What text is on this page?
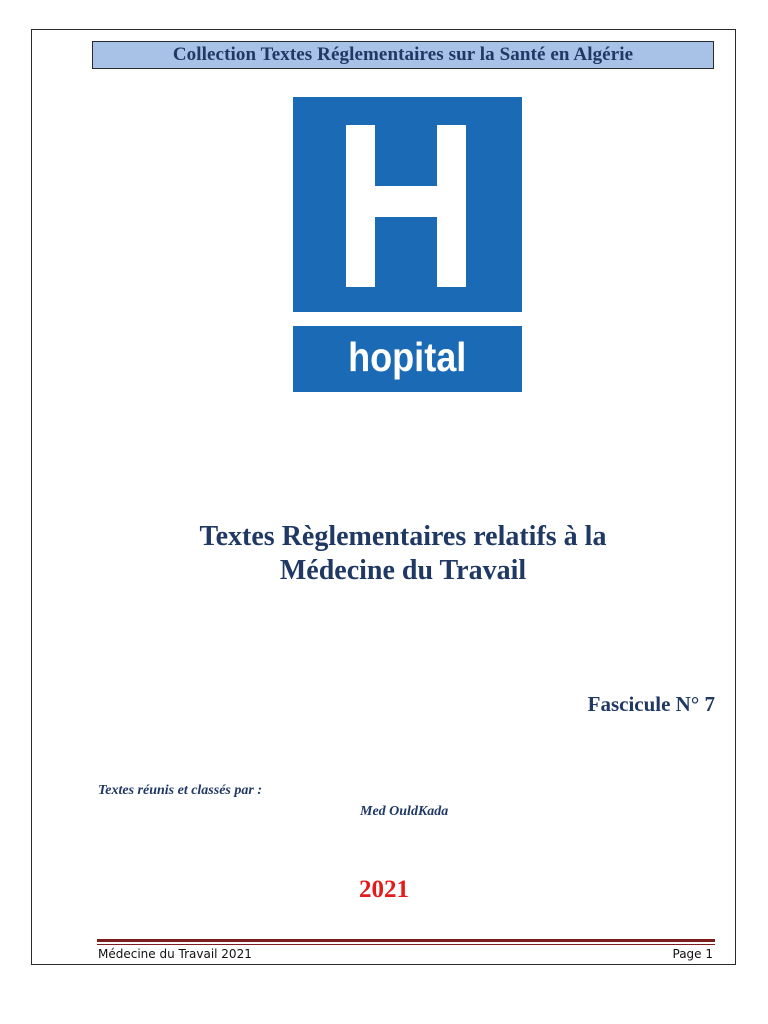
Collection Textes Réglementaires sur la Santé en Algérie
hopital
Textes Règlementaires relatifs à la
Médecine du Travail
Fascicule N° 7
Textes réunis et classés par :
Med OuldKada
2021
Médecine du Travail 2021	Page 1
